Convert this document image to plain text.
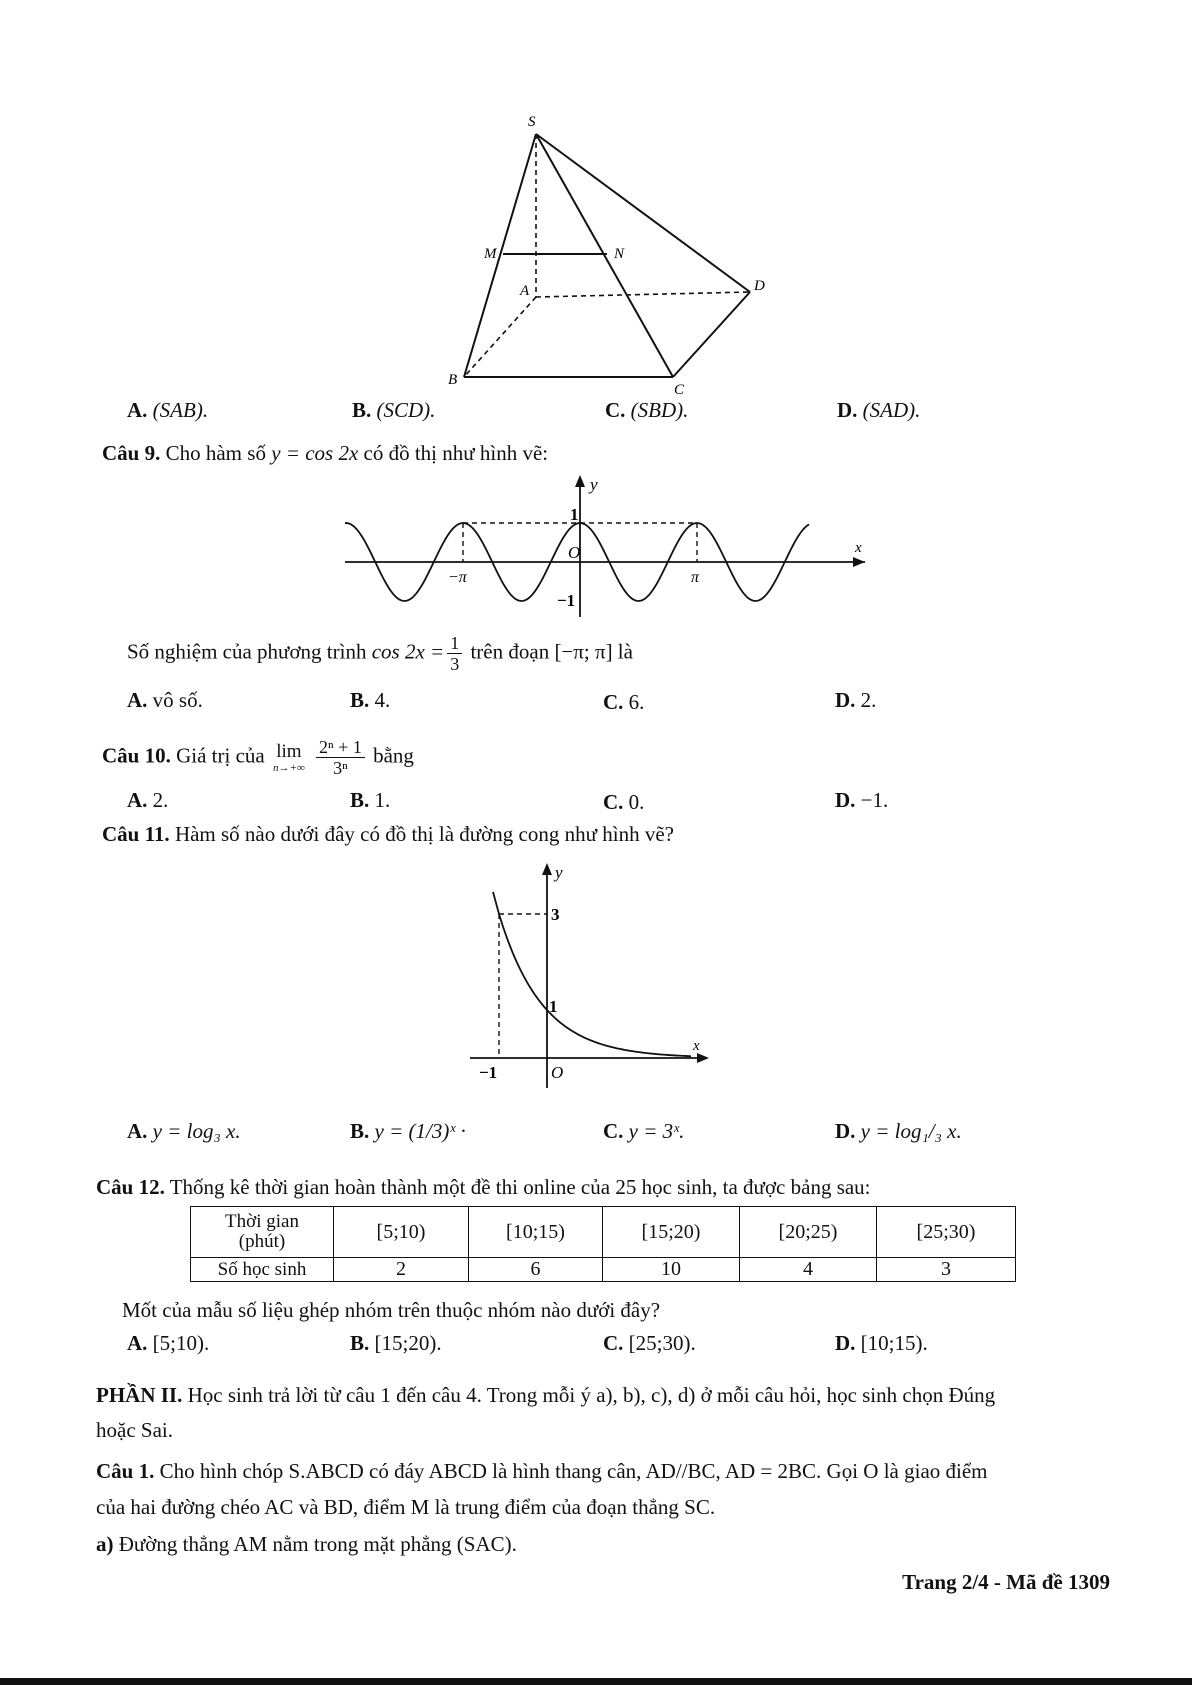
S
M	N
A	D
B
C
A. (SAB).	B. (SCD).	C. (SBD).	D. (SAD).
Câu 9. Cho hàm số y = cos 2x có đồ thị như hình vẽ:
y
x
1
−1
O
−π	π
Số nghiệm của phương trình $\cos 2x = \frac{1}{3}$ trên đoạn [−π; π] là
A. vô số.	B. 4.	C. 6.	D. 2.
Câu 10. Giá trị của lim
n→+∞
$\frac{\text{2ⁿ + 1}}{\text{3ⁿ}}$ bằng
A. 2.	B. 1.	C. 0.	D. −1.
Câu 11. Hàm số nào dưới đây có đồ thị là đường cong như hình vẽ?
y
x
3
1
−1	O
A. y = log₃ x.	B. y = (1/3)ˣ ·	C. y = 3ˣ.	D. y = log₁/₃ x.
Câu 12. Thống kê thời gian hoàn thành một đề thi online của 25 học sinh, ta được bảng sau:
Thời gian
(phút)	[5;10)	[10;15)	[15;20)	[20;25)	[25;30)
Số học sinh	2	6	10	4	3
Mốt của mẫu số liệu ghép nhóm trên thuộc nhóm nào dưới đây?
A. [5;10).	B. [15;20).	C. [25;30).	D. [10;15).
PHẦN II. Học sinh trả lời từ câu 1 đến câu 4. Trong mỗi ý a), b), c), d) ở mỗi câu hỏi, học sinh chọn Đúng
hoặc Sai.
Câu 1. Cho hình chóp S.ABCD có đáy ABCD là hình thang cân, AD//BC, AD = 2BC. Gọi O là giao điểm
của hai đường chéo AC và BD, điểm M là trung điểm của đoạn thẳng SC.
a) Đường thẳng AM nằm trong mặt phẳng (SAC).
Trang 2/4 - Mã đề 1309
